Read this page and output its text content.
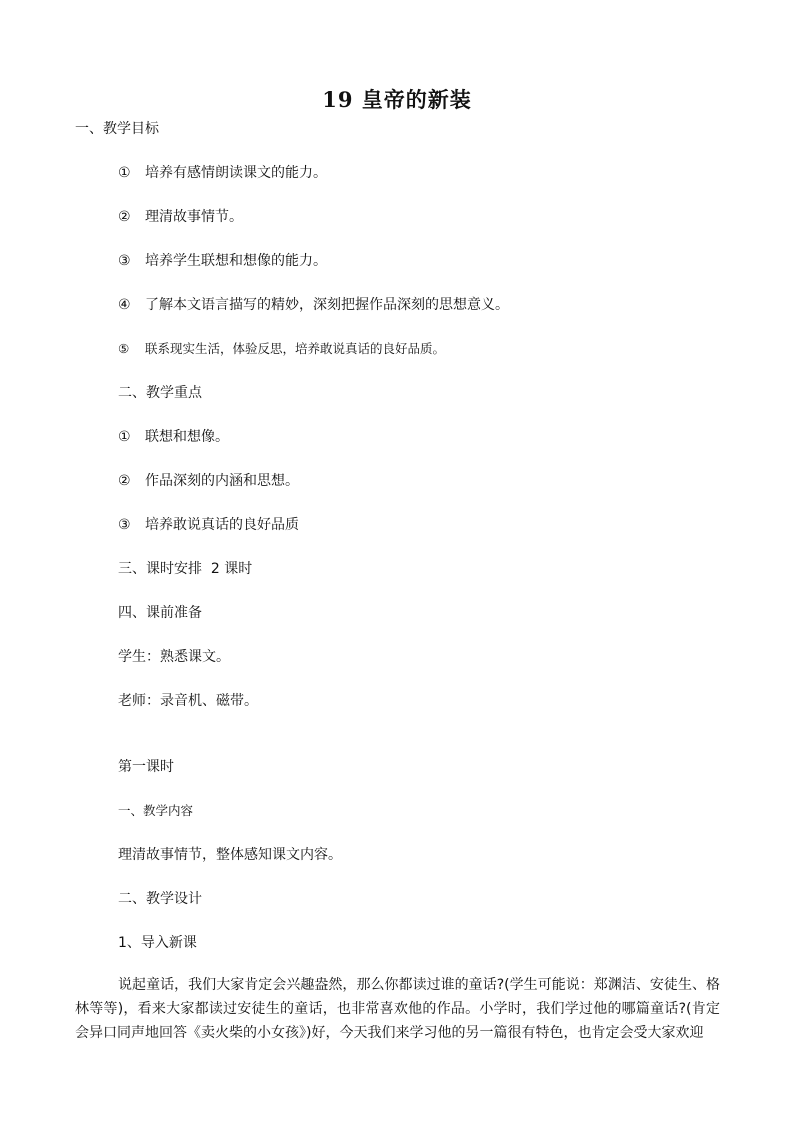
19 皇帝的新装
一、教学目标
① 培养有感情朗读课文的能力。
② 理清故事情节。
③ 培养学生联想和想像的能力。
④ 了解本文语言描写的精妙，深刻把握作品深刻的思想意义。
⑤ 联系现实生活，体验反思，培养敢说真话的良好品质。
二、教学重点
① 联想和想像。
② 作品深刻的内涵和思想。
③ 培养敢说真话的良好品质
三、课时安排  2 课时
四、课前准备
学生：熟悉课文。
老师：录音机、磁带。
第一课时
一、教学内容
理清故事情节，整体感知课文内容。
二、教学设计
1、导入新课
说起童话，我们大家肯定会兴趣盎然，那么你都读过谁的童话?(学生可能说：郑渊洁、安徒生、格　林等等)，看来大家都读过安徒生的童话，也非常喜欢他的作品。小学时，我们学过他的哪篇童话?(肯定会异口同声地回答《卖火柴的小女孩》)好，今天我们来学习他的另一篇很有特色，也肯定会受大家欢迎
